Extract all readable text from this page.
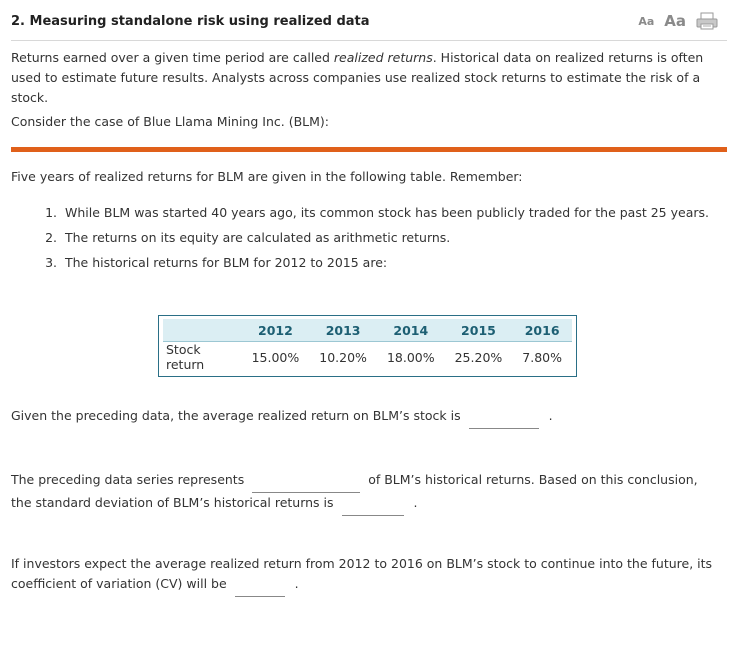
2. Measuring standalone risk using realized data	Aa Aa
Returns earned over a given time period are called realized returns. Historical data on realized returns is often used to estimate future results. Analysts across companies use realized stock returns to estimate the risk of a stock.
Consider the case of Blue Llama Mining Inc. (BLM):
Five years of realized returns for BLM are given in the following table. Remember:
1. While BLM was started 40 years ago, its common stock has been publicly traded for the past 25 years.
2. The returns on its equity are calculated as arithmetic returns.
3. The historical returns for BLM for 2012 to 2015 are:
	2012	2013	2014	2015	2016
Stock return	15.00%	10.20%	18.00%	25.20%	7.80%
Given the preceding data, the average realized return on BLM’s stock is	.
The preceding data series represents	of BLM’s historical returns. Based on this conclusion, the standard deviation of BLM’s historical returns is	.
If investors expect the average realized return from 2012 to 2016 on BLM’s stock to continue into the future, its coefficient of variation (CV) will be	.
